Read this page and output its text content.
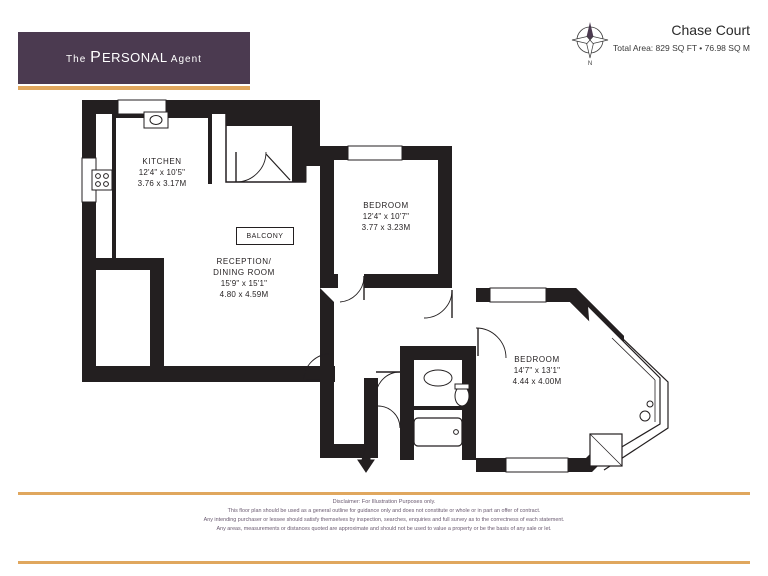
The PERSONAL Agent
Chase Court
Total Area: 829 SQ FT • 76.98 SQ M
N
KITCHEN
12'4" x 10'5"
3.76 x 3.17M
RECEPTION/
DINING ROOM
15'9" x 15'1"
4.80 x 4.59M
BEDROOM
12'4" x 10'7"
3.77 x 3.23M
BEDROOM
14'7" x 13'1"
4.44 x 4.00M
BALCONY
Disclaimer: For Illustration Purposes only.
This floor plan should be used as a general outline for guidance only and does not constitute or whole or in part an offer of contract.
Any intending purchaser or lessee should satisfy themselves by inspection, searches, enquiries and full survey as to the correctness of each statement.
Any areas, measurements or distances quoted are approximate and should not be used to value a property or be the basis of any sale or let.
